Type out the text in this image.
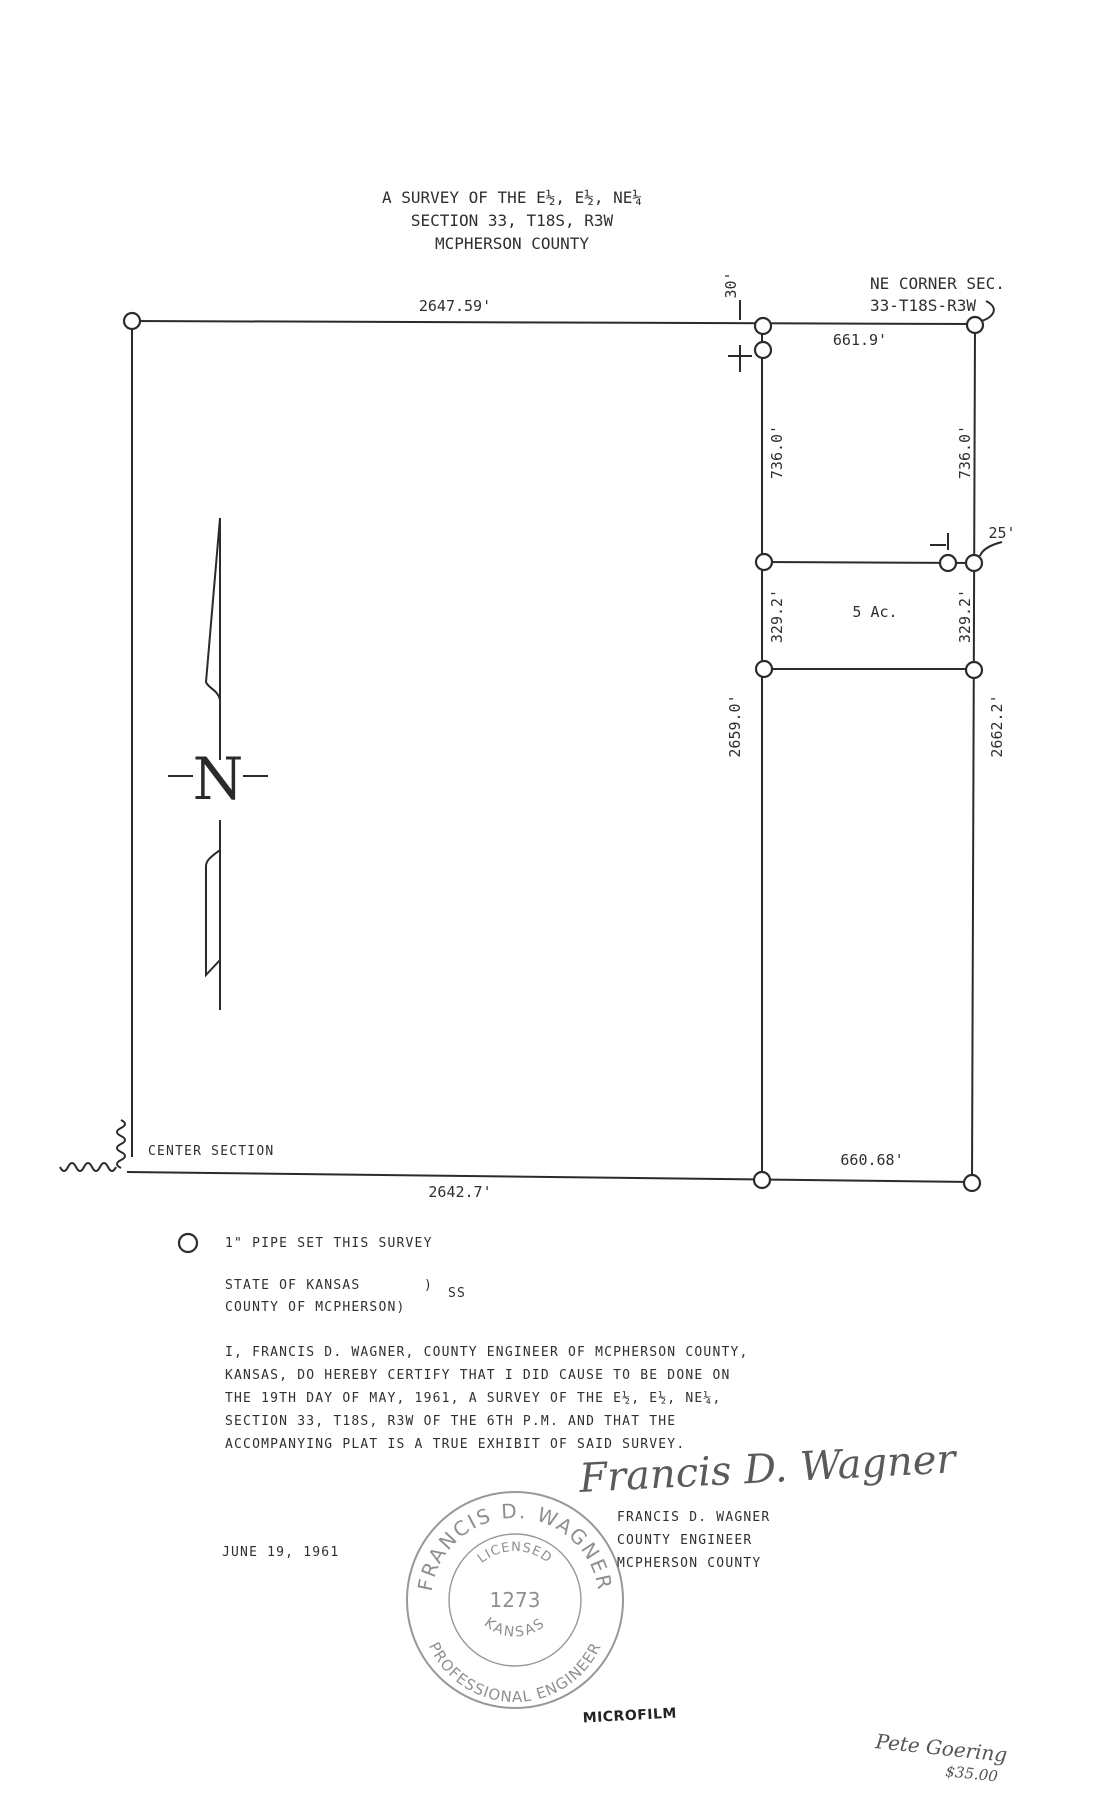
A SURVEY OF THE E½, E½, NE¼
SECTION 33, T18S, R3W
MCPHERSON COUNTY
NE CORNER SEC.
33-T18S-R3W
2647.59'
30'
661.9'
736.0'	736.0'
25'
329.2'	329.2'
2659.0'	2662.2'
660.68'
2642.7'
5 Ac.
N
CENTER SECTION
1" PIPE SET THIS SURVEY
STATE OF KANSAS	)
COUNTY OF MCPHERSON)
SS
I, FRANCIS D. WAGNER, COUNTY ENGINEER OF MCPHERSON COUNTY,
KANSAS, DO HEREBY CERTIFY THAT I DID CAUSE TO BE DONE ON
THE 19TH DAY OF MAY, 1961, A SURVEY OF THE E½, E½, NE¼,
SECTION 33, T18S, R3W OF THE 6TH P.M. AND THAT THE
ACCOMPANYING PLAT IS A TRUE EXHIBIT OF SAID SURVEY.
Francis D. Wagner
FRANCIS D. WAGNER
COUNTY ENGINEER
MCPHERSON COUNTY
JUNE 19, 1961
FRANCIS D. WAGNER
PROFESSIONAL ENGINEER
LICENSED
KANSAS
1273
MICROFILM
Pete Goering
$35.00
